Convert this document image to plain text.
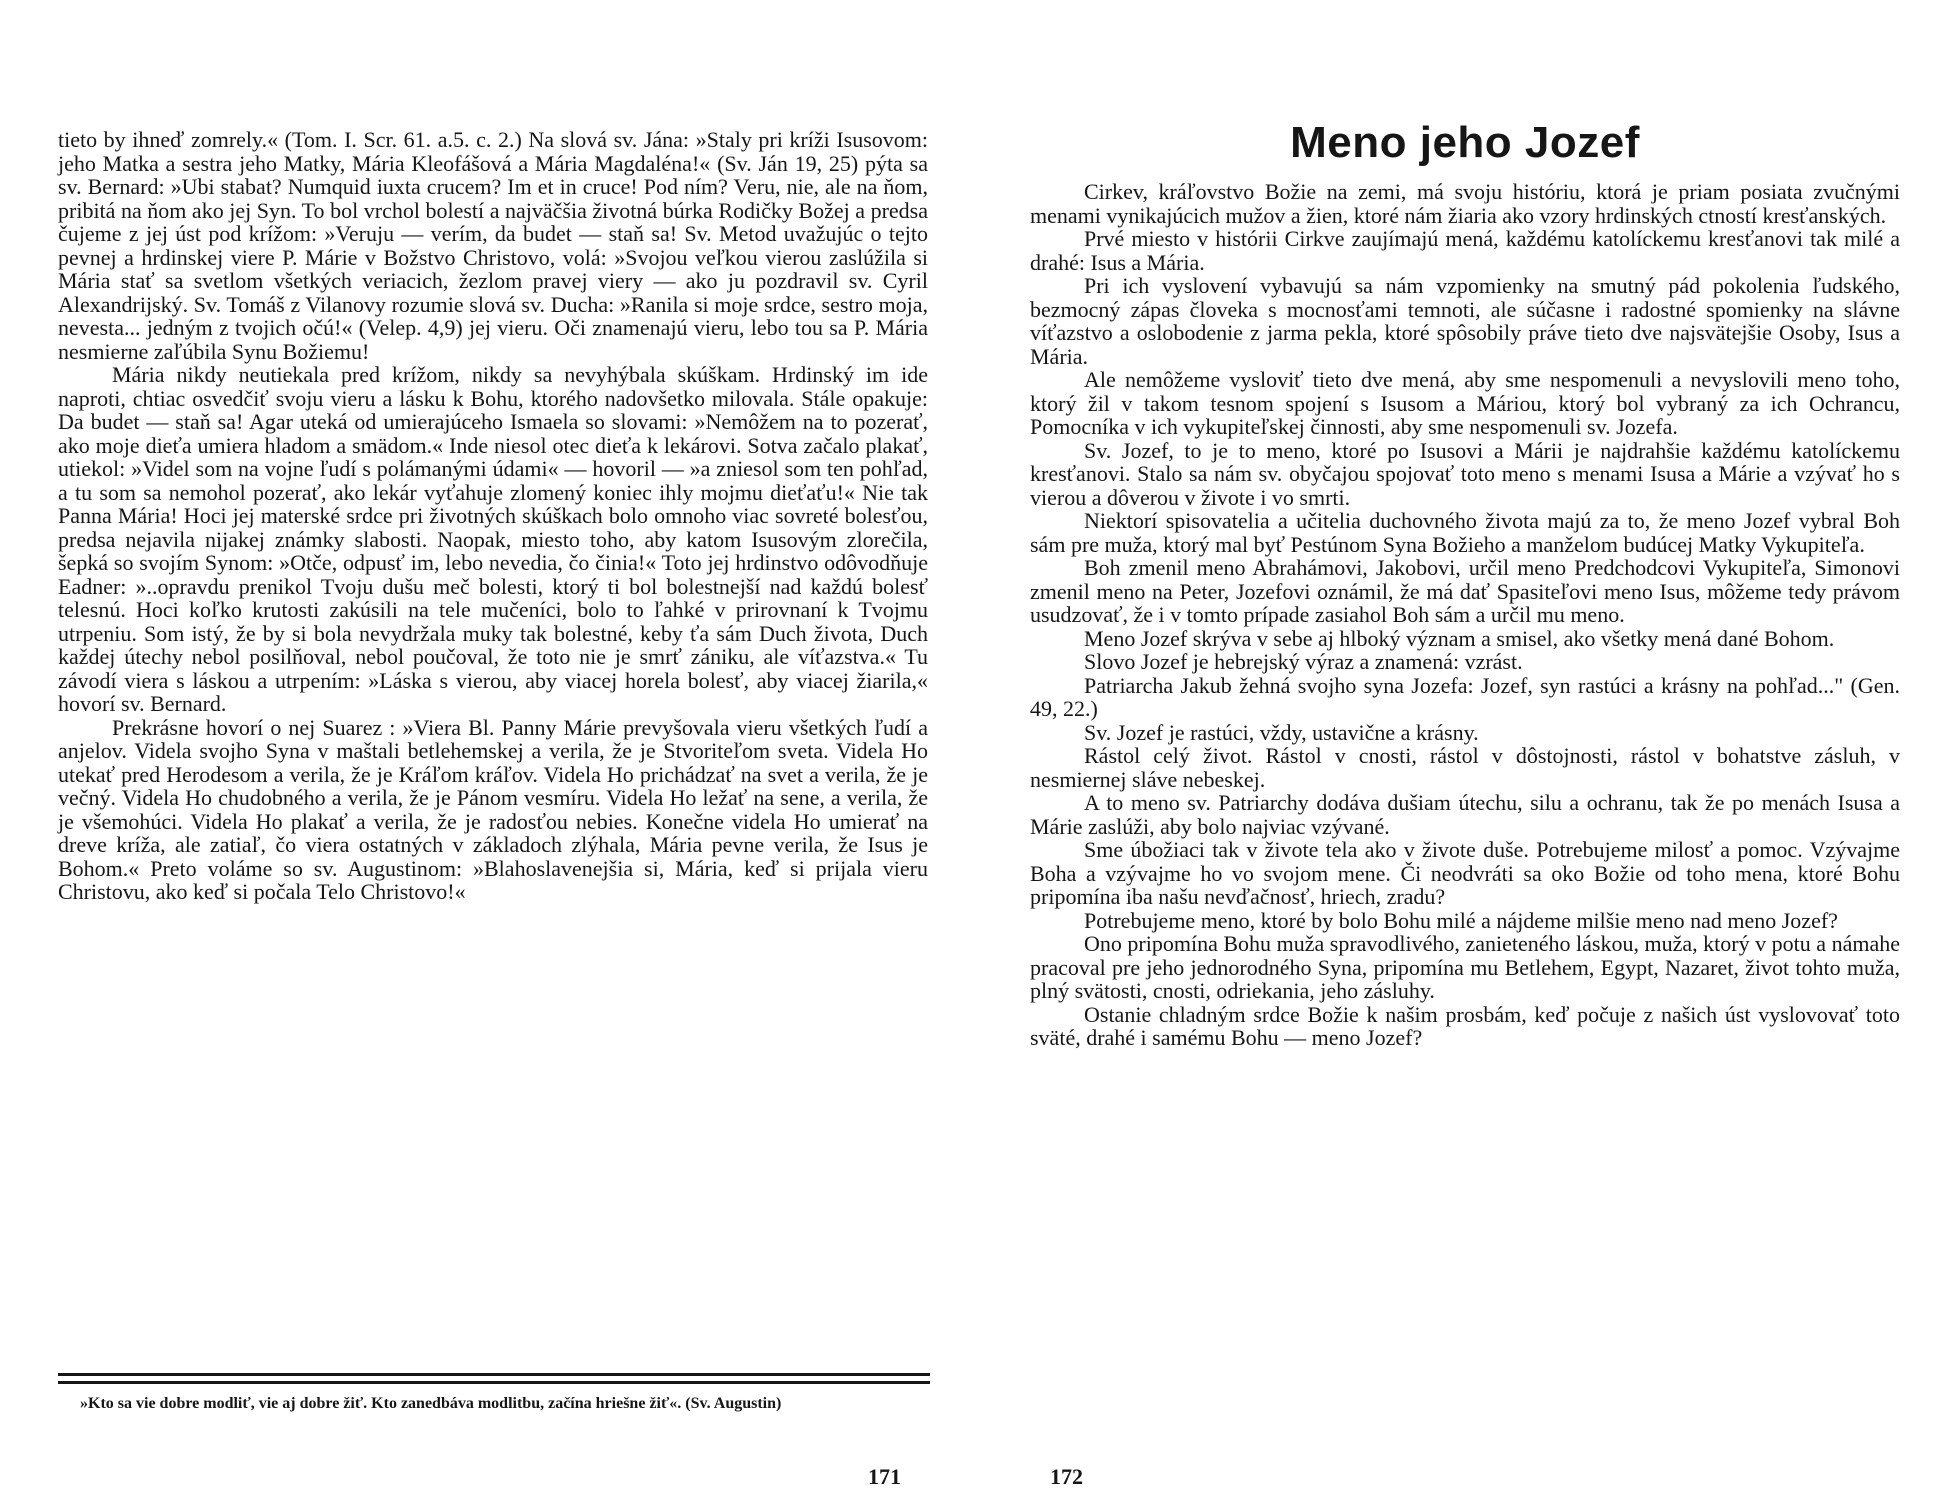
tieto by ihneď zomrely.« (Tom. I. Scr. 61. a.5. c. 2.) Na slová sv. Jána: »Staly pri kríži Isusovom: jeho Matka a sestra jeho Matky, Mária Kleofášová a Mária Magdaléna!« (Sv. Ján 19, 25) pýta sa sv. Bernard: »Ubi stabat? Numquid iuxta crucem? Im et in cruce! Pod ním? Veru, nie, ale na ňom, pribitá na ňom ako jej Syn. To bol vrchol bolestí a najväčšia životná búrka Rodičky Božej a predsa čujeme z jej úst pod krížom: »Veruju — verím, da budet — staň sa! Sv. Metod uvažujúc o tejto pevnej a hrdinskej viere P. Márie v Božstvo Christovo, volá: »Svojou veľkou vierou zaslúžila si Mária stať sa svetlom všetkých veriacich, žezlom pravej viery — ako ju pozdravil sv. Cyril Alexandrijský. Sv. Tomáš z Vilanovy rozumie slová sv. Ducha: »Ranila si moje srdce, sestro moja, nevesta... jedným z tvojich očú!« (Velep. 4,9) jej vieru. Oči znamenajú vieru, lebo tou sa P. Mária nesmierne zaľúbila Synu Božiemu!

Mária nikdy neutiekala pred krížom, nikdy sa nevyhýbala skúškam. Hrdinský im ide naproti, chtiac osvedčiť svoju vieru a lásku k Bohu, ktorého nadovšetko milovala. Stále opakuje: Da budet — staň sa! Agar uteká od umierajúceho Ismaela so slovami: »Nemôžem na to pozerať, ako moje dieťa umiera hladom a smädom.« Inde niesol otec dieťa k lekárovi. Sotva začalo plakať, utiekol: »Videl som na vojne ľudí s polámanými údami« — hovoril — »a zniesol som ten pohľad, a tu som sa nemohol pozerať, ako lekár vyťahuje zlomený koniec ihly mojmu dieťaťu!« Nie tak Panna Mária! Hoci jej materské srdce pri životných skúškach bolo omnoho viac sovreté bolesťou, predsa nejavila nijakej známky slabosti. Naopak, miesto toho, aby katom Isusovým zlorečila, šepká so svojím Synom: »Otče, odpusť im, lebo nevedia, čo činia!« Toto jej hrdinstvo odôvodňuje Eadner: »..opravdu prenikol Tvoju dušu meč bolesti, ktorý ti bol bolestnejší nad každú bolesť telesnú. Hoci koľko krutosti zakúsili na tele mučeníci, bolo to ľahké v prirovnaní k Tvojmu utrpeniu. Som istý, že by si bola nevydržala muky tak bolestné, keby ťa sám Duch života, Duch každej útechy nebol posilňoval, nebol poučoval, že toto nie je smrť zániku, ale víťazstva.« Tu závodí viera s láskou a utrpením: »Láska s vierou, aby viacej horela bolesť, aby viacej žiarila,« hovorí sv. Bernard.

Prekrásne hovorí o nej Suarez : »Viera Bl. Panny Márie prevyšovala vieru všetkých ľudí a anjelov. Videla svojho Syna v maštali betlehemskej a verila, že je Stvoriteľom sveta. Videla Ho utekať pred Herodesom a verila, že je Kráľom kráľov. Videla Ho prichádzať na svet a verila, že je večný. Videla Ho chudobného a verila, že je Pánom vesmíru. Videla Ho ležať na sene, a verila, že je všemohúci. Videla Ho plakať a verila, že je radosťou nebies. Konečne videla Ho umierať na dreve kríža, ale zatiaľ, čo viera ostatných v základoch zlýhala, Mária pevne verila, že Isus je Bohom.« Preto voláme so sv. Augustinom: »Blahoslavenejšia si, Mária, keď si prijala vieru Christovu, ako keď si počala Telo Christovo!«

»Kto sa vie dobre modliť, vie aj dobre žiť. Kto zanedbáva modlitbu, začína hriešne žiť«. (Sv. Augustin)
171
Meno jeho Jozef

Cirkev, kráľovstvo Božie na zemi, má svoju históriu, ktorá je priam posiata zvučnými menami vynikajúcich mužov a žien, ktoré nám žiaria ako vzory hrdinských ctností kresťanských.

Prvé miesto v histórii Cirkve zaujímajú mená, každému katolíckemu kresťanovi tak milé a drahé: Isus a Mária.

Pri ich vyslovení vybavujú sa nám vzpomienky na smutný pád pokolenia ľudského, bezmocný zápas človeka s mocnosťami temnoti, ale súčasne i radostné spomienky na slávne víťazstvo a oslobodenie z jarma pekla, ktoré spôsobily práve tieto dve najsvätejšie Osoby, Isus a Mária.

Ale nemôžeme vysloviť tieto dve mená, aby sme nespomenuli a nevyslovili meno toho, ktorý žil v takom tesnom spojení s Isusom a Máriou, ktorý bol vybraný za ich Ochrancu, Pomocníka v ich vykupiteľskej činnosti, aby sme nespomenuli sv. Jozefa.

Sv. Jozef, to je to meno, ktoré po Isusovi a Márii je najdrahšie každému katolíckemu kresťanovi. Stalo sa nám sv. obyčajou spojovať toto meno s menami Isusa a Márie a vzývať ho s vierou a dôverou v živote i vo smrti.

Niektorí spisovatelia a učitelia duchovného života majú za to, že meno Jozef vybral Boh sám pre muža, ktorý mal byť Pestúnom Syna Božieho a manželom budúcej Matky Vykupiteľa.

Boh zmenil meno Abrahámovi, Jakobovi, určil meno Predchodcovi Vykupiteľa, Simonovi zmenil meno na Peter, Jozefovi oznámil, že má dať Spasiteľovi meno Isus, môžeme tedy právom usudzovať, že i v tomto prípade zasiahol Boh sám a určil mu meno.

Meno Jozef skrýva v sebe aj hlboký význam a smisel, ako všetky mená dané Bohom.

Slovo Jozef je hebrejský výraz a znamená: vzrást.

Patriarcha Jakub žehná svojho syna Jozefa: Jozef, syn rastúci a krásny na pohľad..." (Gen. 49, 22.)

Sv. Jozef je rastúci, vždy, ustavične a krásny.

Rástol celý život. Rástol v cnosti, rástol v dôstojnosti, rástol v bohatstve zásluh, v nesmiernej sláve nebeskej.

A to meno sv. Patriarchy dodáva dušiam útechu, silu a ochranu, tak že po menách Isusa a Márie zaslúži, aby bolo najviac vzývané.

Sme úbožiaci tak v živote tela ako v živote duše. Potrebujeme milosť a pomoc. Vzývajme Boha a vzývajme ho vo svojom mene. Či neodvráti sa oko Božie od toho mena, ktoré Bohu pripomína iba našu nevďačnosť, hriech, zradu?

Potrebujeme meno, ktoré by bolo Bohu milé a nájdeme milšie meno nad meno Jozef?

Ono pripomína Bohu muža spravodlivého, zanieteného láskou, muža, ktorý v potu a námahe pracoval pre jeho jednorodného Syna, pripomína mu Betlehem, Egypt, Nazaret, život tohto muža, plný svätosti, cnosti, odriekania, jeho zásluhy.

Ostanie chladným srdce Božie k našim prosbám, keď počuje z našich úst vyslovovať toto sväté, drahé i samému Bohu — meno Jozef?

172
